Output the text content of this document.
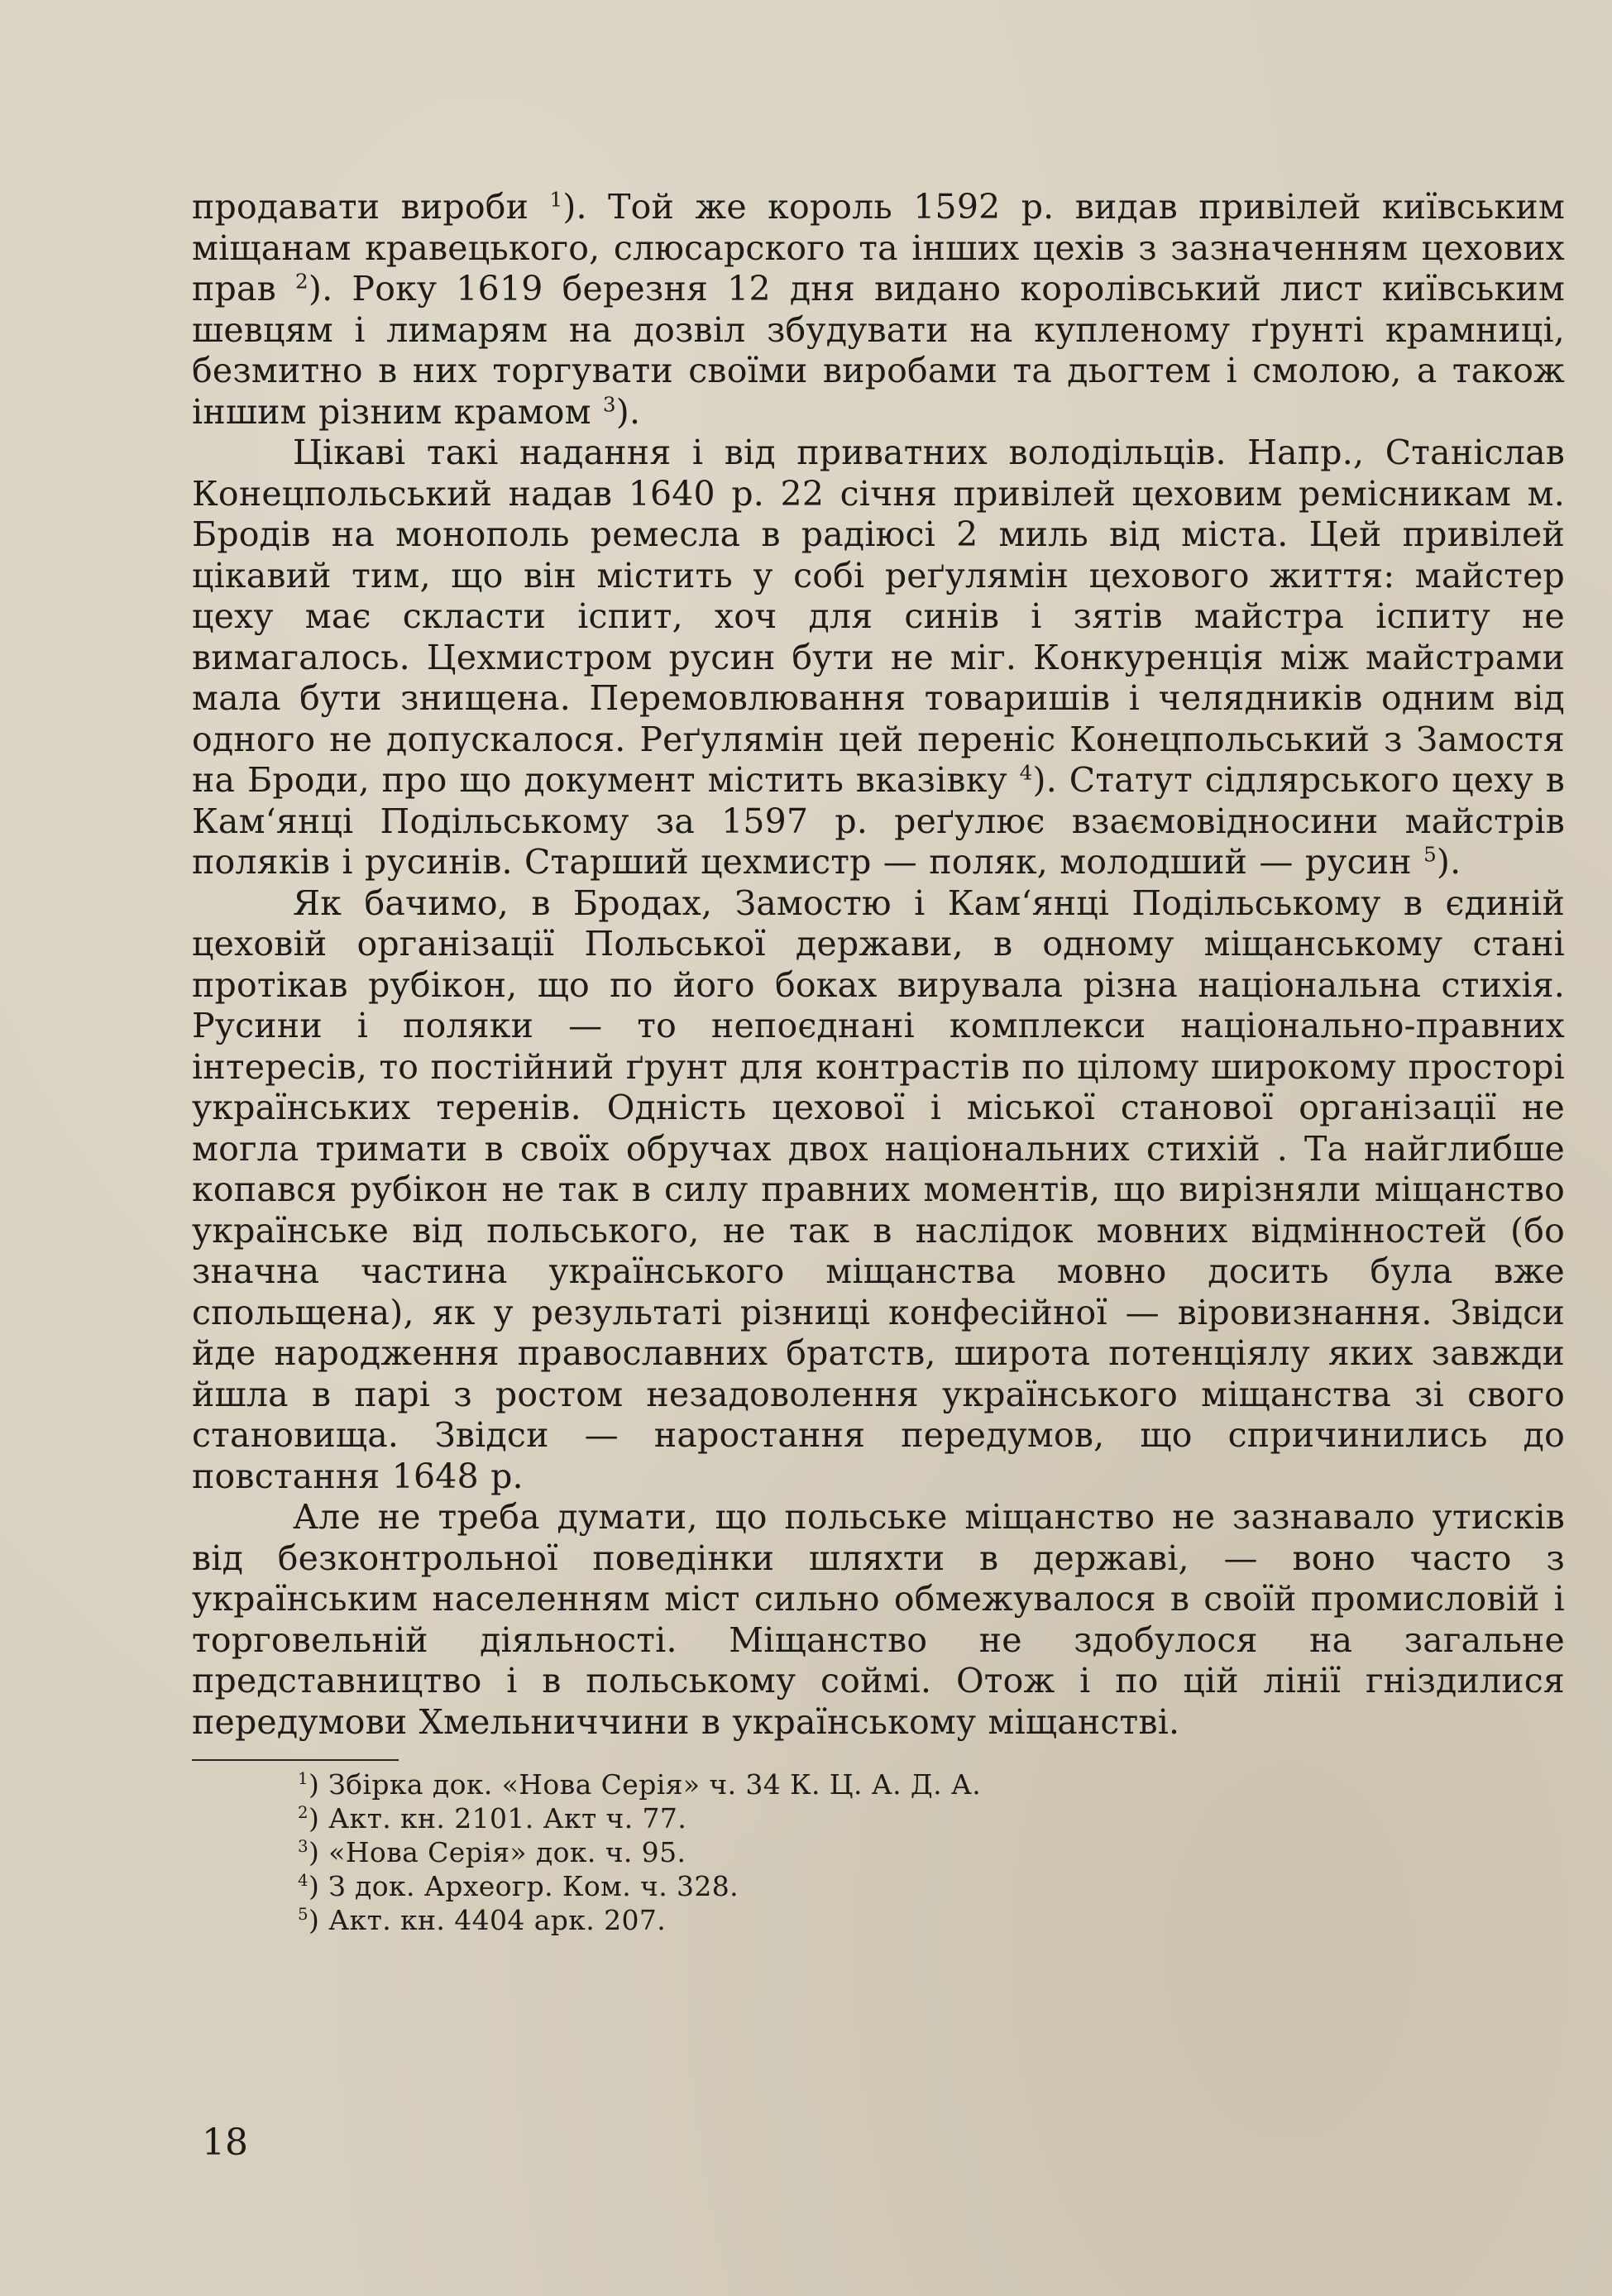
продавати вироби $^1$). Той же король 1592 р. видав привілей київським міщанам кравецького, слюсарского та інших цехів з зазначенням цехових прав $^2$). Року 1619 березня 12 дня видано королівський лист київським шевцям і лимарям на дозвіл збудувати на купленому ґрунті крамниці, безмитно в них торгувати своїми виробами та дьогтем і смолою, а також іншим різним крамом $^3$).

Цікаві такі надання і від приватних володільців. Напр., Станіслав Конецпольський надав 1640 р. 22 січня привілей цеховим ремісникам м. Бродів на монополь ремесла в радіюсі 2 миль від міста. Цей привілей цікавий тим, що він містить у собі реґулямін цехового життя: майстер цеху має скласти іспит, хоч для синів і зятів майстра іспиту не вимагалось. Цехмистром русин бути не міг. Конкуренція між майстрами мала бути знищена. Перемовлювання товаришів і челядників одним від одного не допускалося. Реґулямін цей переніс Конецпольський з Замостя на Броди, про що документ містить вказівку $^4$). Статут сідлярського цеху в Кам‘янці Подільському за 1597 р. реґулює взаємовідносини майстрів поляків і русинів. Старший цехмистр — поляк, молодший — русин $^5$).

Як бачимо, в Бродах, Замостю і Кам‘янці Подільському в єдиній цеховій організації Польської держави, в одному міщанському стані протікав рубікон, що по його боках вирувала різна національна стихія. Русини і поляки — то непоєднані комплекси національно-правних інтересів, то постійний ґрунт для контрастів по цілому широкому просторі українських теренів. Одність цехової і міської станової організації не могла тримати в своїх обручах двох національних стихій . Та найглибше копався рубікон не так в силу правних моментів, що вирізняли міщанство українське від польського, не так в наслідок мовних відмінностей (бо значна частина українського міщанства мовно досить була вже спольщена), як у результаті різниці конфесійної — віровизнання. Звідси йде народження православних братств, широта потенціялу яких завжди йшла в парі з ростом незадоволення українського міщанства зі свого становища. Звідси — наростання передумов, що спричинились до повстання 1648 р.

Але не треба думати, що польське міщанство не зазнавало утисків від безконтрольної поведінки шляхти в державі, — воно часто з українським населенням міст сильно обмежувалося в своїй промисловій і торговельній діяльності. Міщанство не здобулося на загальне представництво і в польському соймі. Отож і по цій лінії гніздилися передумови Хмельниччини в українському міщанстві.

$^1$) Збірка док. «Нова Серія» ч. 34 К. Ц. А. Д. А.

$^2$) Акт. кн. 2101. Акт ч. 77.

$^3$) «Нова Серія» док. ч. 95.

$^4$) З док. Археогр. Ком. ч. 328.

$^5$) Акт. кн. 4404 арк. 207.

18
